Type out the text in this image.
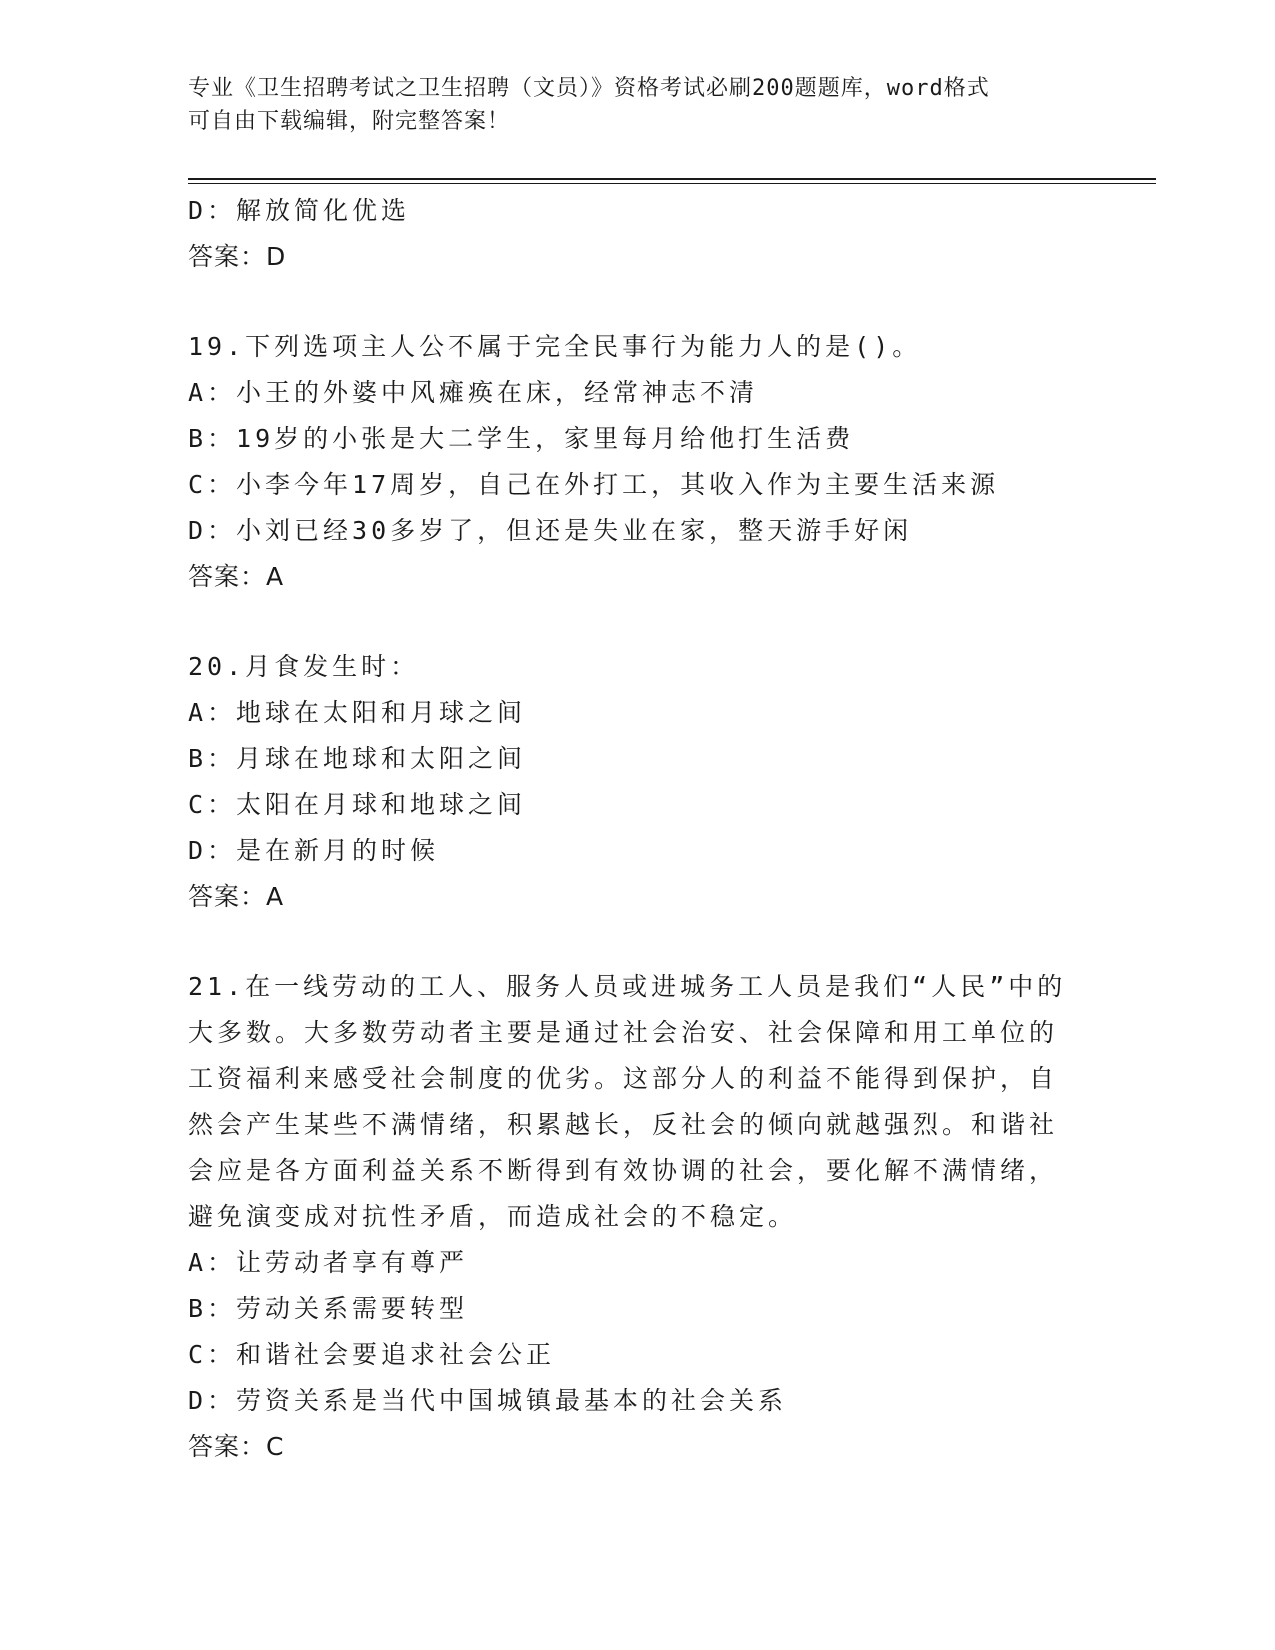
专业《卫生招聘考试之卫生招聘（文员）》资格考试必刷200题题库，word格式
可自由下载编辑，附完整答案！

D：解放简化优选

答案：D

19.下列选项主人公不属于完全民事行为能力人的是()。

A：小王的外婆中风瘫痪在床，经常神志不清

B：19岁的小张是大二学生，家里每月给他打生活费

C：小李今年17周岁，自己在外打工，其收入作为主要生活来源

D：小刘已经30多岁了，但还是失业在家，整天游手好闲

答案：A

20.月食发生时：

A：地球在太阳和月球之间

B：月球在地球和太阳之间

C：太阳在月球和地球之间

D：是在新月的时候

答案：A

21.在一线劳动的工人、服务人员或进城务工人员是我们“人民”中的

大多数。大多数劳动者主要是通过社会治安、社会保障和用工单位的

工资福利来感受社会制度的优劣。这部分人的利益不能得到保护，自

然会产生某些不满情绪，积累越长，反社会的倾向就越强烈。和谐社

会应是各方面利益关系不断得到有效协调的社会，要化解不满情绪，

避免演变成对抗性矛盾，而造成社会的不稳定。

A：让劳动者享有尊严

B：劳动关系需要转型

C：和谐社会要追求社会公正

D：劳资关系是当代中国城镇最基本的社会关系

答案：C
